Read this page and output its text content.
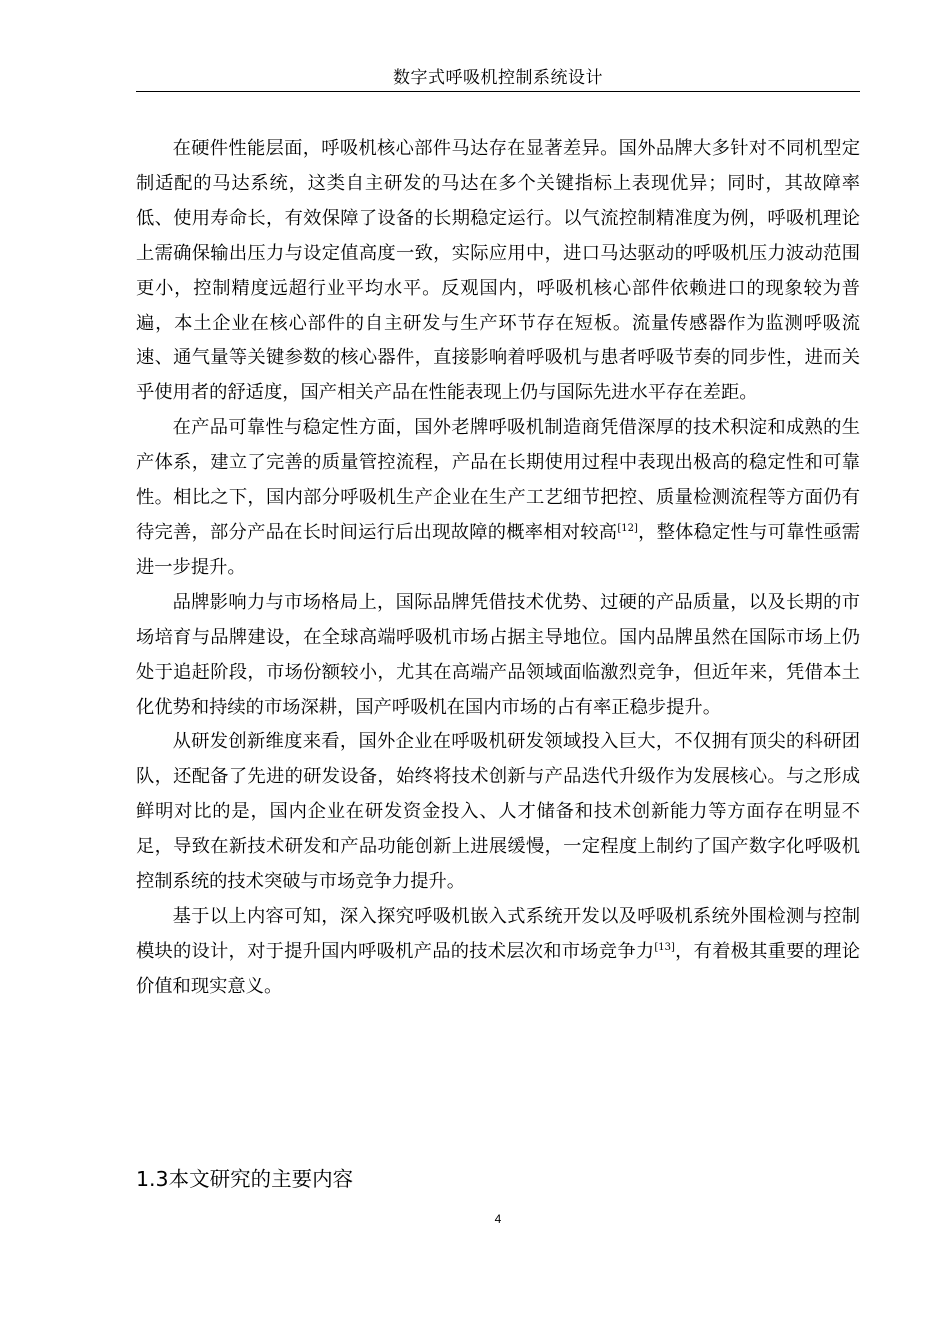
数字式呼吸机控制系统设计

在硬件性能层面，呼吸机核心部件马达存在显著差异。国外品牌大多针对不同机型定制适配的马达系统，这类自主研发的马达在多个关键指标上表现优异；同时，其故障率低、使用寿命长，有效保障了设备的长期稳定运行。以气流控制精准度为例，呼吸机理论上需确保输出压力与设定值高度一致，实际应用中，进口马达驱动的呼吸机压力波动范围更小，控制精度远超行业平均水平。反观国内，呼吸机核心部件依赖进口的现象较为普遍，本土企业在核心部件的自主研发与生产环节存在短板。流量传感器作为监测呼吸流速、通气量等关键参数的核心器件，直接影响着呼吸机与患者呼吸节奏的同步性，进而关乎使用者的舒适度，国产相关产品在性能表现上仍与国际先进水平存在差距。

在产品可靠性与稳定性方面，国外老牌呼吸机制造商凭借深厚的技术积淀和成熟的生产体系，建立了完善的质量管控流程，产品在长期使用过程中表现出极高的稳定性和可靠性。相比之下，国内部分呼吸机生产企业在生产工艺细节把控、质量检测流程等方面仍有待完善，部分产品在长时间运行后出现故障的概率相对较高[12]，整体稳定性与可靠性亟需进一步提升。

品牌影响力与市场格局上，国际品牌凭借技术优势、过硬的产品质量，以及长期的市场培育与品牌建设，在全球高端呼吸机市场占据主导地位。国内品牌虽然在国际市场上仍处于追赶阶段，市场份额较小，尤其在高端产品领域面临激烈竞争，但近年来，凭借本土化优势和持续的市场深耕，国产呼吸机在国内市场的占有率正稳步提升。

从研发创新维度来看，国外企业在呼吸机研发领域投入巨大，不仅拥有顶尖的科研团队，还配备了先进的研发设备，始终将技术创新与产品迭代升级作为发展核心。与之形成鲜明对比的是，国内企业在研发资金投入、人才储备和技术创新能力等方面存在明显不足，导致在新技术研发和产品功能创新上进展缓慢，一定程度上制约了国产数字化呼吸机控制系统的技术突破与市场竞争力提升。

基于以上内容可知，深入探究呼吸机嵌入式系统开发以及呼吸机系统外围检测与控制模块的设计，对于提升国内呼吸机产品的技术层次和市场竞争力[13]，有着极其重要的理论价值和现实意义。

1.3本文研究的主要内容
4
